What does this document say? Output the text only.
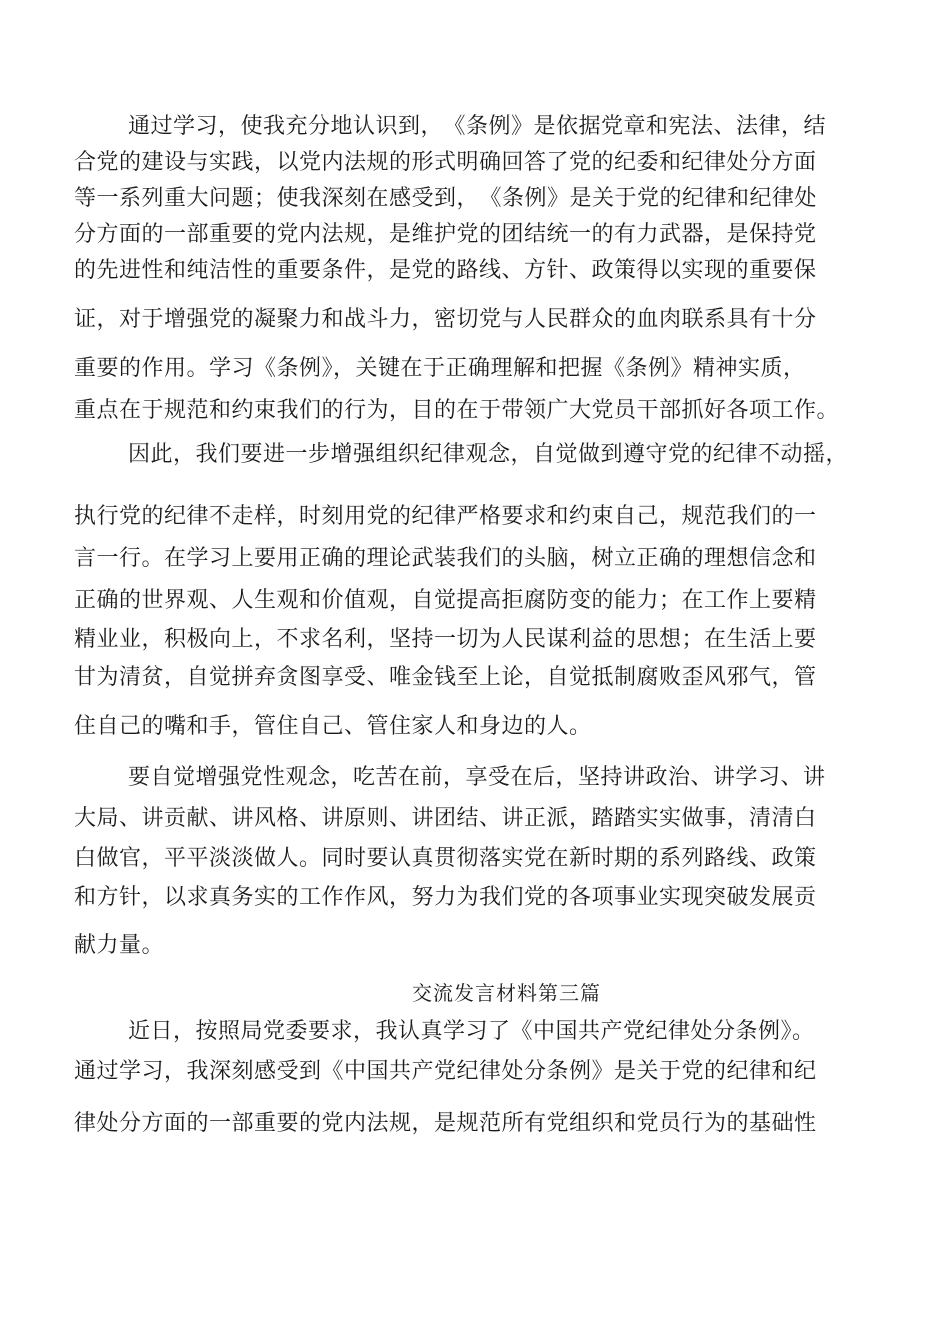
通过学习，使我充分地认识到，　《条例》是依据党章和宪法、法律，结
合党的建设与实践，以党内法规的形式明确回答了党的纪委和纪律处分方面
等一系列重大问题；使我深刻在感受到，　《条例》是关于党的纪律和纪律处
分方面的一部重要的党内法规，是维护党的团结统一的有力武器，是保持党
的先进性和纯洁性的重要条件，是党的路线、方针、政策得以实现的重要保
证，对于增强党的凝聚力和战斗力，密切党与人民群众的血肉联系具有十分
重要的作用。学习《条例》，关键在于正确理解和把握《条例》精神实质，
重点在于规范和约束我们的行为，目的在于带领广大党员干部抓好各项工作。
因此，我们要进一步增强组织纪律观念，自觉做到遵守党的纪律不动摇，
执行党的纪律不走样，时刻用党的纪律严格要求和约束自己，规范我们的一
言一行。在学习上要用正确的理论武装我们的头脑，树立正确的理想信念和
正确的世界观、人生观和价值观，自觉提高拒腐防变的能力；在工作上要精
精业业，积极向上，不求名利，坚持一切为人民谋利益的思想；在生活上要
甘为清贫，自觉拼弃贪图享受、唯金钱至上论，自觉抵制腐败歪风邪气，管
住自己的嘴和手，管住自己、管住家人和身边的人。
要自觉增强党性观念，吃苦在前，享受在后，坚持讲政治、讲学习、讲
大局、讲贡献、讲风格、讲原则、讲团结、讲正派，踏踏实实做事，清清白
白做官，平平淡淡做人。同时要认真贯彻落实党在新时期的系列路线、政策
和方针，以求真务实的工作作风，努力为我们党的各项事业实现突破发展贡
献力量。
交流发言材料第三篇
近日，按照局党委要求，我认真学习了《中国共产党纪律处分条例》。
通过学习，我深刻感受到《中国共产党纪律处分条例》是关于党的纪律和纪
律处分方面的一部重要的党内法规，是规范所有党组织和党员行为的基础性
